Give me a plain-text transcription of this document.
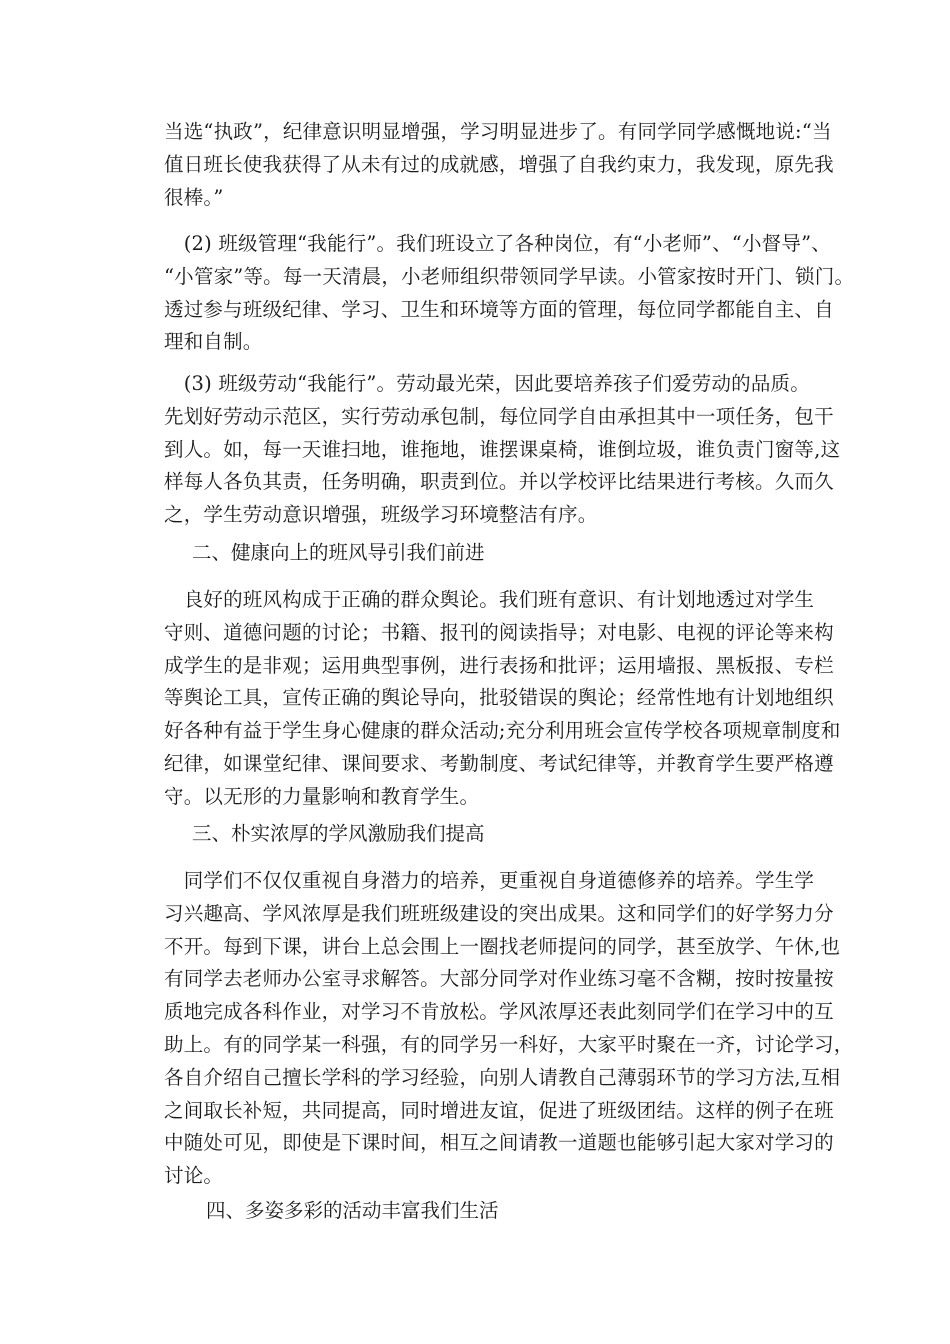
当选“执政”，纪律意识明显增强，学习明显进步了。有同学同学感慨地说:“当
值日班长使我获得了从未有过的成就感，增强了自我约束力，我发现，原先我
很棒。”
　(2) 班级管理“我能行”。我们班设立了各种岗位，有“小老师”、“小督导”、
“小管家”等。每一天清晨，小老师组织带领同学早读。小管家按时开门、锁门。
透过参与班级纪律、学习、卫生和环境等方面的管理，每位同学都能自主、自
理和自制。
　(3) 班级劳动“我能行”。劳动最光荣，因此要培养孩子们爱劳动的品质。
先划好劳动示范区，实行劳动承包制，每位同学自由承担其中一项任务，包干
到人。如，每一天谁扫地，谁拖地，谁摆课桌椅，谁倒垃圾，谁负责门窗等,这
样每人各负其责，任务明确，职责到位。并以学校评比结果进行考核。久而久
之，学生劳动意识增强，班级学习环境整洁有序。
二、健康向上的班风导引我们前进
　良好的班风构成于正确的群众舆论。我们班有意识、有计划地透过对学生
守则、道德问题的讨论；书籍、报刊的阅读指导；对电影、电视的评论等来构
成学生的是非观；运用典型事例，进行表扬和批评；运用墙报、黑板报、专栏
等舆论工具，宣传正确的舆论导向，批驳错误的舆论；经常性地有计划地组织
好各种有益于学生身心健康的群众活动;充分利用班会宣传学校各项规章制度和
纪律，如课堂纪律、课间要求、考勤制度、考试纪律等，并教育学生要严格遵
守。以无形的力量影响和教育学生。
三、朴实浓厚的学风激励我们提高
　同学们不仅仅重视自身潜力的培养，更重视自身道德修养的培养。学生学
习兴趣高、学风浓厚是我们班班级建设的突出成果。这和同学们的好学努力分
不开。每到下课，讲台上总会围上一圈找老师提问的同学，甚至放学、午休,也
有同学去老师办公室寻求解答。大部分同学对作业练习毫不含糊，按时按量按
质地完成各科作业，对学习不肯放松。学风浓厚还表此刻同学们在学习中的互
助上。有的同学某一科强，有的同学另一科好，大家平时聚在一齐，讨论学习，
各自介绍自己擅长学科的学习经验，向别人请教自己薄弱环节的学习方法,互相
之间取长补短，共同提高，同时增进友谊，促进了班级团结。这样的例子在班
中随处可见，即使是下课时间，相互之间请教一道题也能够引起大家对学习的
讨论。
四、多姿多彩的活动丰富我们生活
